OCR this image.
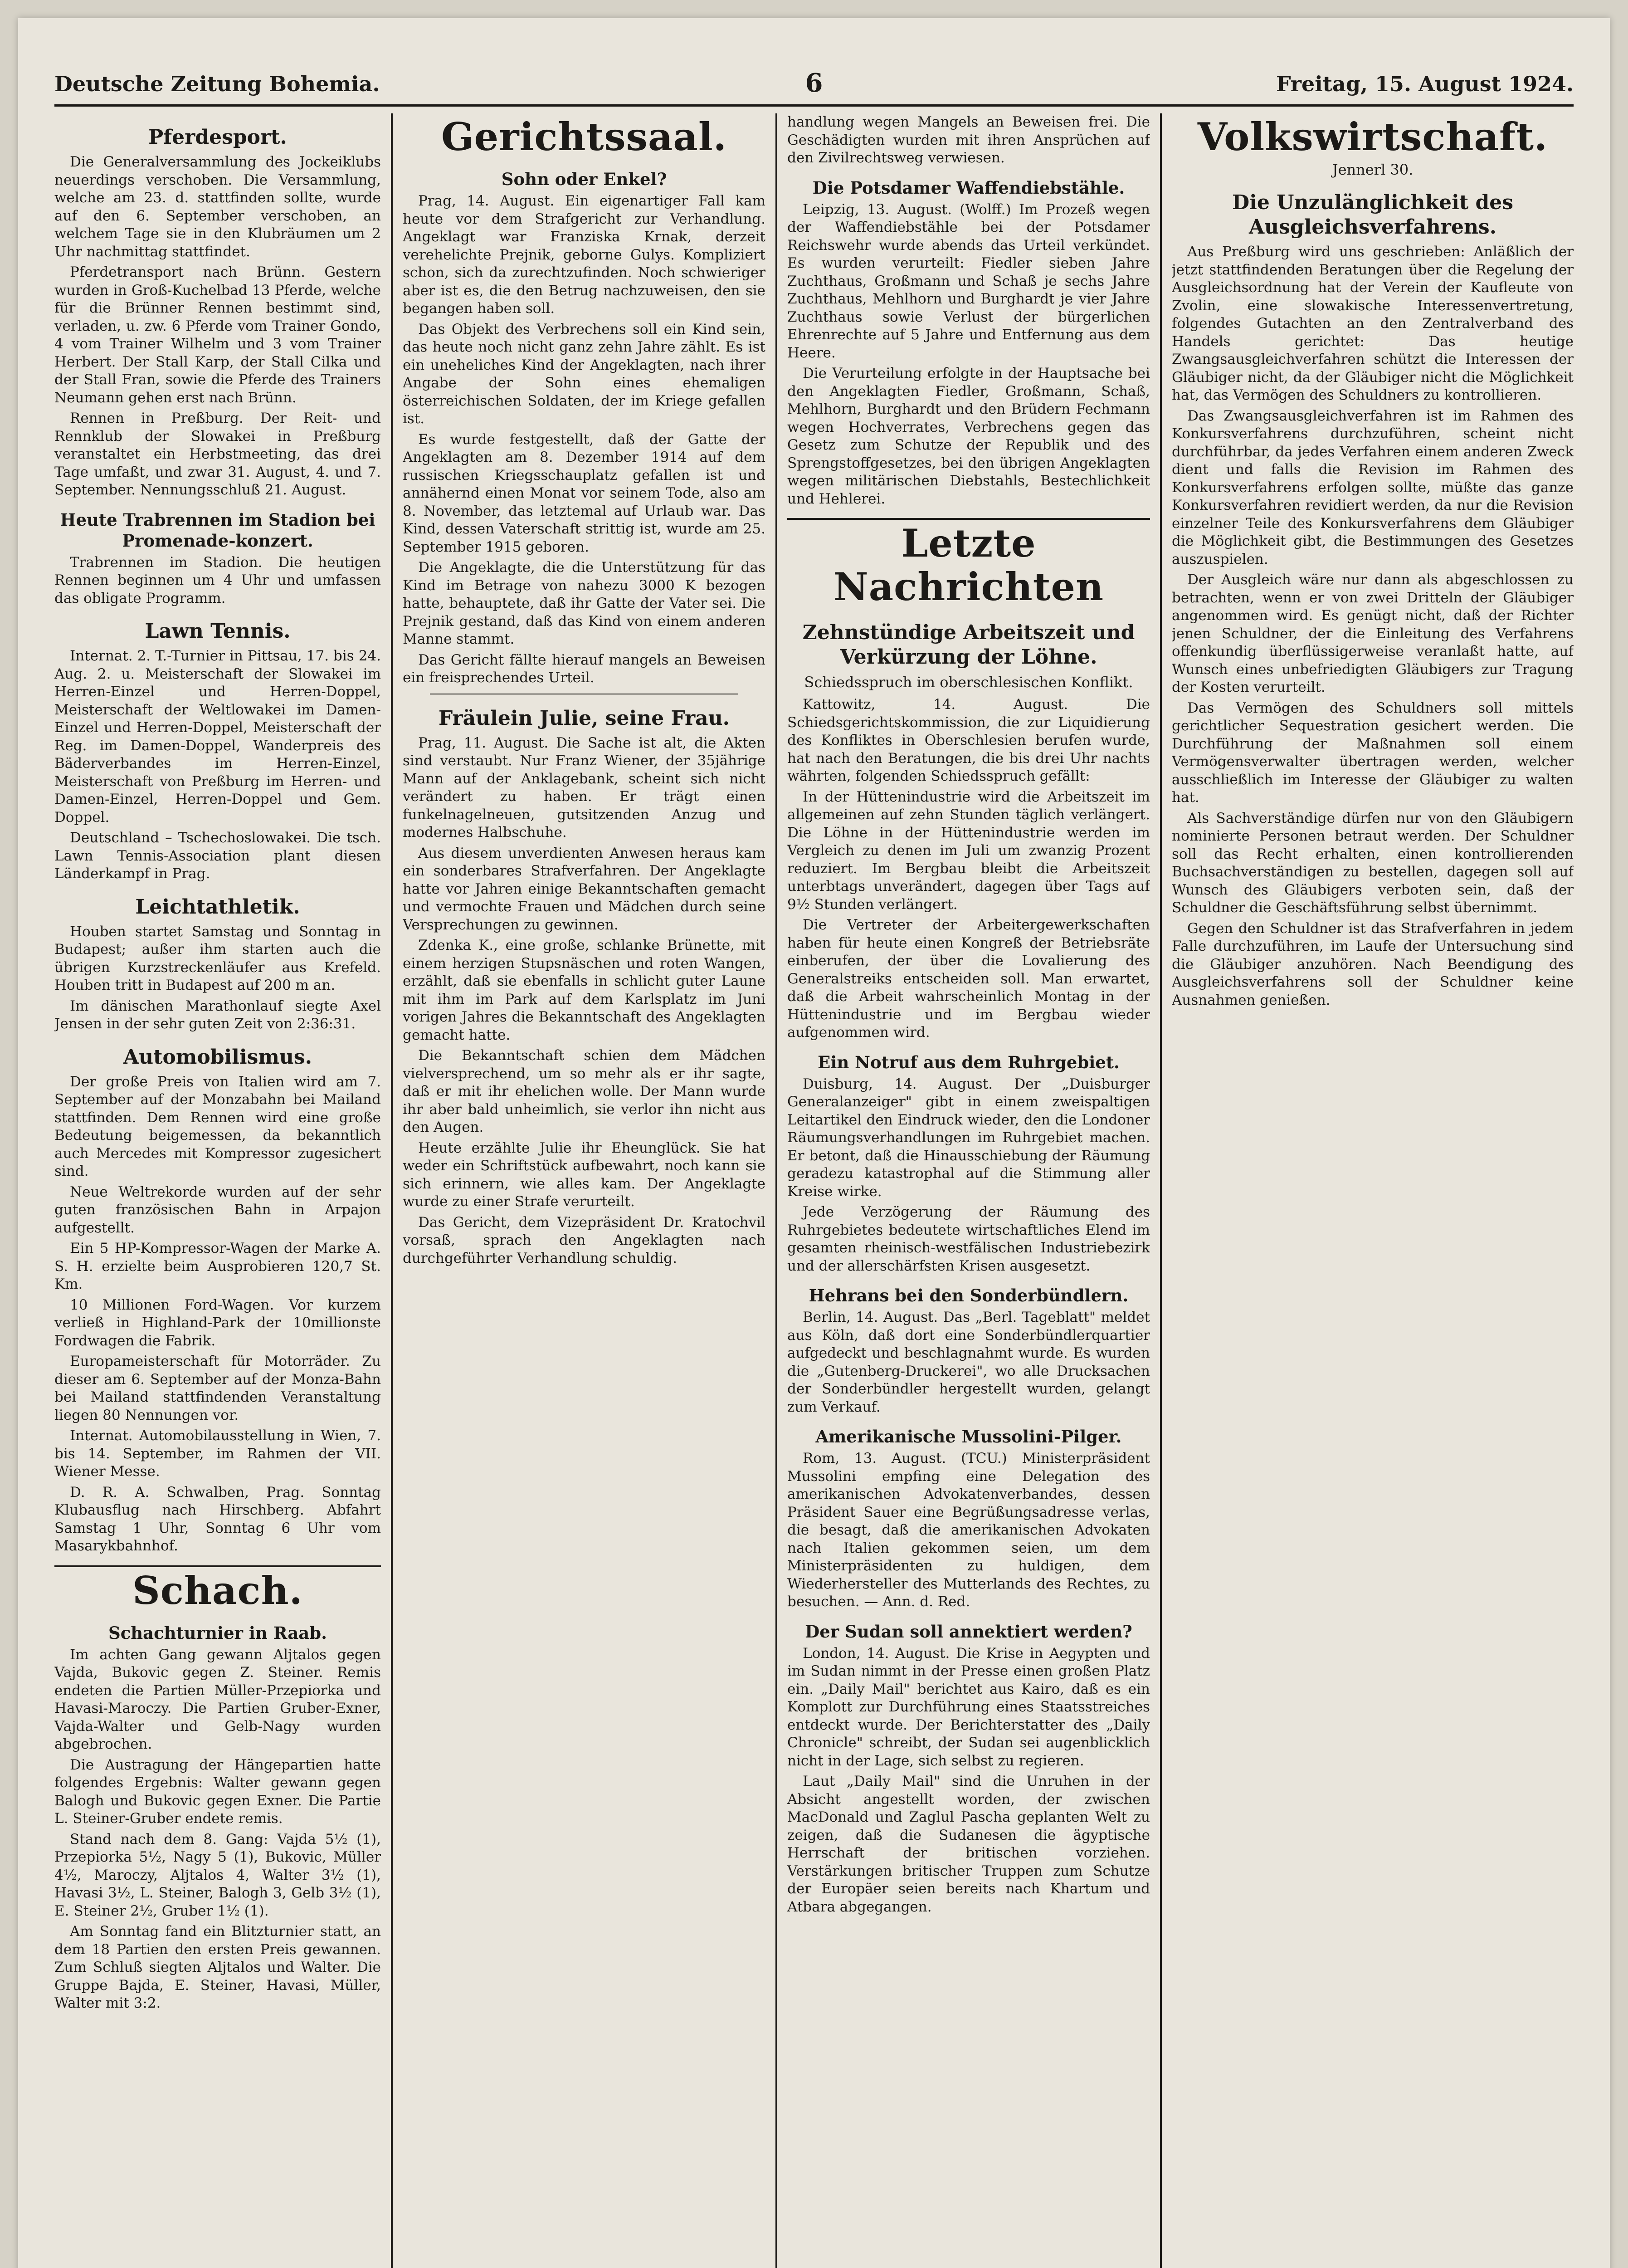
Deutsche Zeitung Bohemia.	6	Freitag, 15. August 1924.
Pferdesport.

Die Generalversammlung des Jockeiklubs neuerdings verschoben. Die Versammlung, welche am 23. d. stattfinden sollte, wurde auf den 6. September verschoben, an welchem Tage sie in den Klubräumen um 2 Uhr nachmittag stattfindet.

Pferdetransport nach Brünn. Gestern wurden in Groß-Kuchelbad 13 Pferde, welche für die Brünner Rennen bestimmt sind, verladen, u. zw. 6 Pferde vom Trainer Gondo, 4 vom Trainer Wilhelm und 3 vom Trainer Herbert. Der Stall Karp, der Stall Cilka und der Stall Fran, sowie die Pferde des Trainers Neumann gehen erst nach Brünn.

Rennen in Preßburg. Der Reit- und Rennklub der Slowakei in Preßburg veranstaltet ein Herbstmeeting, das drei Tage umfaßt, und zwar 31. August, 4. und 7. September. Nennungsschluß 21. August.

Heute Trabrennen im Stadion bei Promenade-konzert.

Trabrennen im Stadion. Die heutigen Rennen beginnen um 4 Uhr und umfassen das obligate Programm.

Lawn Tennis.

Internat. 2. T.-Turnier in Pittsau, 17. bis 24. Aug. 2. u. Meisterschaft der Slowakei im Herren-Einzel und Herren-Doppel, Meisterschaft der Weltlowakei im Damen-Einzel und Herren-Doppel, Meisterschaft der Reg. im Damen-Doppel, Wanderpreis des Bäderverbandes im Herren-Einzel, Meisterschaft von Preßburg im Herren- und Damen-Einzel, Herren-Doppel und Gem. Doppel.

Deutschland – Tschechoslowakei. Die tsch. Lawn Tennis-Association plant diesen Länderkampf in Prag.

Leichtathletik.

Houben startet Samstag und Sonntag in Budapest; außer ihm starten auch die übrigen Kurzstreckenläufer aus Krefeld. Houben tritt in Budapest auf 200 m an.

Im dänischen Marathonlauf siegte Axel Jensen in der sehr guten Zeit von 2:36:31.

Automobilismus.

Der große Preis von Italien wird am 7. September auf der Monzabahn bei Mailand stattfinden. Dem Rennen wird eine große Bedeutung beigemessen, da bekanntlich auch Mercedes mit Kompressor zugesichert sind.

Neue Weltrekorde wurden auf der sehr guten französischen Bahn in Arpajon aufgestellt.

Ein 5 HP-Kompressor-Wagen der Marke A. S. H. erzielte beim Ausprobieren 120,7 St. Km.

10 Millionen Ford-Wagen. Vor kurzem verließ in Highland-Park der 10millionste Fordwagen die Fabrik.

Europameisterschaft für Motorräder. Zu dieser am 6. September auf der Monza-Bahn bei Mailand stattfindenden Veranstaltung liegen 80 Nennungen vor.

Internat. Automobilausstellung in Wien, 7. bis 14. September, im Rahmen der VII. Wiener Messe.

D. R. A. Schwalben, Prag. Sonntag Klubausflug nach Hirschberg. Abfahrt Samstag 1 Uhr, Sonntag 6 Uhr vom Masarykbahnhof.

Schach.
Schachturnier in Raab.

Im achten Gang gewann Aljtalos gegen Vajda, Bukovic gegen Z. Steiner. Remis endeten die Partien Müller-Przepiorka und Havasi-Maroczy. Die Partien Gruber-Exner, Vajda-Walter und Gelb-Nagy wurden abgebrochen.

Die Austragung der Hängepartien hatte folgendes Ergebnis: Walter gewann gegen Balogh und Bukovic gegen Exner. Die Partie L. Steiner-Gruber endete remis.

Stand nach dem 8. Gang: Vajda 5½ (1), Przepiorka 5½, Nagy 5 (1), Bukovic, Müller 4½, Maroczy, Aljtalos 4, Walter 3½ (1), Havasi 3½, L. Steiner, Balogh 3, Gelb 3½ (1), E. Steiner 2½, Gruber 1½ (1).

Am Sonntag fand ein Blitzturnier statt, an dem 18 Partien den ersten Preis gewannen. Zum Schluß siegten Aljtalos und Walter. Die Gruppe Bajda, E. Steiner, Havasi, Müller, Walter mit 3:2.

Gerichtssaal.
Sohn oder Enkel?

Prag, 14. August. Ein eigenartiger Fall kam heute vor dem Strafgericht zur Verhandlung. Angeklagt war Franziska Krnak, derzeit verehelichte Prejnik, geborne Gulys. Kompliziert schon, sich da zurechtzufinden. Noch schwieriger aber ist es, die den Betrug nachzuweisen, den sie begangen haben soll.

Das Objekt des Verbrechens soll ein Kind sein, das heute noch nicht ganz zehn Jahre zählt. Es ist ein uneheliches Kind der Angeklagten, nach ihrer Angabe der Sohn eines ehemaligen österreichischen Soldaten, der im Kriege gefallen ist.

Es wurde festgestellt, daß der Gatte der Angeklagten am 8. Dezember 1914 auf dem russischen Kriegsschauplatz gefallen ist und annähernd einen Monat vor seinem Tode, also am 8. November, das letztemal auf Urlaub war. Das Kind, dessen Vaterschaft strittig ist, wurde am 25. September 1915 geboren.

Die Angeklagte, die die Unterstützung für das Kind im Betrage von nahezu 3000 K bezogen hatte, behauptete, daß ihr Gatte der Vater sei. Die Prejnik gestand, daß das Kind von einem anderen Manne stammt.

Das Gericht fällte hierauf mangels an Beweisen ein freisprechendes Urteil.

Fräulein Julie, seine Frau.

Prag, 11. August. Die Sache ist alt, die Akten sind verstaubt. Nur Franz Wiener, der 35jährige Mann auf der Anklagebank, scheint sich nicht verändert zu haben. Er trägt einen funkelnagelneuen, gutsitzenden Anzug und modernes Halbschuhe.

Aus diesem unverdienten Anwesen heraus kam ein sonderbares Strafverfahren. Der Angeklagte hatte vor Jahren einige Bekanntschaften gemacht und vermochte Frauen und Mädchen durch seine Versprechungen zu gewinnen.

Zdenka K., eine große, schlanke Brünette, mit einem herzigen Stupsnäschen und roten Wangen, erzählt, daß sie ebenfalls in schlicht guter Laune mit ihm im Park auf dem Karlsplatz im Juni vorigen Jahres die Bekanntschaft des Angeklagten gemacht hatte.

Die Bekanntschaft schien dem Mädchen vielversprechend, um so mehr als er ihr sagte, daß er mit ihr ehelichen wolle. Der Mann wurde ihr aber bald unheimlich, sie verlor ihn nicht aus den Augen.

Heute erzählte Julie ihr Eheunglück. Sie hat weder ein Schriftstück aufbewahrt, noch kann sie sich erinnern, wie alles kam. Der Angeklagte wurde zu einer Strafe verurteilt.

Das Gericht, dem Vizepräsident Dr. Kratochvil vorsaß, sprach den Angeklagten nach durchgeführter Verhandlung schuldig.

handlung wegen Mangels an Beweisen frei. Die Geschädigten wurden mit ihren Ansprüchen auf den Zivilrechtsweg verwiesen.

Die Potsdamer Waffendiebstähle.

Leipzig, 13. August. (Wolff.) Im Prozeß wegen der Waffendiebstähle bei der Potsdamer Reichswehr wurde abends das Urteil verkündet. Es wurden verurteilt: Fiedler sieben Jahre Zuchthaus, Großmann und Schaß je sechs Jahre Zuchthaus, Mehlhorn und Burghardt je vier Jahre Zuchthaus sowie Verlust der bürgerlichen Ehrenrechte auf 5 Jahre und Entfernung aus dem Heere.

Die Verurteilung erfolgte in der Hauptsache bei den Angeklagten Fiedler, Großmann, Schaß, Mehlhorn, Burghardt und den Brüdern Fechmann wegen Hochverrates, Verbrechens gegen das Gesetz zum Schutze der Republik und des Sprengstoffgesetzes, bei den übrigen Angeklagten wegen militärischen Diebstahls, Bestechlichkeit und Hehlerei.

Letzte Nachrichten
Zehnstündige Arbeitszeit und Verkürzung der Löhne.
Schiedsspruch im oberschlesischen Konflikt.

Kattowitz, 14. August. Die Schiedsgerichtskommission, die zur Liquidierung des Konfliktes in Oberschlesien berufen wurde, hat nach den Beratungen, die bis drei Uhr nachts währten, folgenden Schiedsspruch gefällt:

In der Hüttenindustrie wird die Arbeitszeit im allgemeinen auf zehn Stunden täglich verlängert. Die Löhne in der Hüttenindustrie werden im Vergleich zu denen im Juli um zwanzig Prozent reduziert. Im Bergbau bleibt die Arbeitszeit unterbtags unverändert, dagegen über Tags auf 9½ Stunden verlängert.

Die Vertreter der Arbeitergewerkschaften haben für heute einen Kongreß der Betriebsräte einberufen, der über die Lovalierung des Generalstreiks entscheiden soll. Man erwartet, daß die Arbeit wahrscheinlich Montag in der Hüttenindustrie und im Bergbau wieder aufgenommen wird.

Ein Notruf aus dem Ruhrgebiet.

Duisburg, 14. August. Der „Duisburger Generalanzeiger" gibt in einem zweispaltigen Leitartikel den Eindruck wieder, den die Londoner Räumungsverhandlungen im Ruhrgebiet machen. Er betont, daß die Hinausschiebung der Räumung geradezu katastrophal auf die Stimmung aller Kreise wirke.

Jede Verzögerung der Räumung des Ruhrgebietes bedeutete wirtschaftliches Elend im gesamten rheinisch-westfälischen Industriebezirk und der allerschärfsten Krisen ausgesetzt.

Hehrans bei den Sonderbündlern.

Berlin, 14. August. Das „Berl. Tageblatt" meldet aus Köln, daß dort eine Sonderbündlerquartier aufgedeckt und beschlagnahmt wurde. Es wurden die „Gutenberg-Druckerei", wo alle Drucksachen der Sonderbündler hergestellt wurden, gelangt zum Verkauf.

Amerikanische Mussolini-Pilger.

Rom, 13. August. (TCU.) Ministerpräsident Mussolini empfing eine Delegation des amerikanischen Advokatenverbandes, dessen Präsident Sauer eine Begrüßungsadresse verlas, die besagt, daß die amerikanischen Advokaten nach Italien gekommen seien, um dem Ministerpräsidenten zu huldigen, dem Wiederhersteller des Mutterlands des Rechtes, zu besuchen. — Ann. d. Red.

Der Sudan soll annektiert werden?

London, 14. August. Die Krise in Aegypten und im Sudan nimmt in der Presse einen großen Platz ein. „Daily Mail" berichtet aus Kairo, daß es ein Komplott zur Durchführung eines Staatsstreiches entdeckt wurde. Der Berichterstatter des „Daily Chronicle" schreibt, der Sudan sei augenblicklich nicht in der Lage, sich selbst zu regieren.

Laut „Daily Mail" sind die Unruhen in der Absicht angestellt worden, der zwischen MacDonald und Zaglul Pascha geplanten Welt zu zeigen, daß die Sudanesen die ägyptische Herrschaft der britischen vorziehen. Verstärkungen britischer Truppen zum Schutze der Europäer seien bereits nach Khartum und Atbara abgegangen.

Volkswirtschaft.
Jennerl 30.
Die Unzulänglichkeit des Ausgleichsverfahrens.

Aus Preßburg wird uns geschrieben: Anläßlich der jetzt stattfindenden Beratungen über die Regelung der Ausgleichsordnung hat der Verein der Kaufleute von Zvolin, eine slowakische Interessenvertretung, folgendes Gutachten an den Zentralverband des Handels gerichtet: Das heutige Zwangsausgleichverfahren schützt die Interessen der Gläubiger nicht, da der Gläubiger nicht die Möglichkeit hat, das Vermögen des Schuldners zu kontrollieren.

Das Zwangsausgleichverfahren ist im Rahmen des Konkursverfahrens durchzuführen, scheint nicht durchführbar, da jedes Verfahren einem anderen Zweck dient und falls die Revision im Rahmen des Konkursverfahrens erfolgen sollte, müßte das ganze Konkursverfahren revidiert werden, da nur die Revision einzelner Teile des Konkursverfahrens dem Gläubiger die Möglichkeit gibt, die Bestimmungen des Gesetzes auszuspielen.

Der Ausgleich wäre nur dann als abgeschlossen zu betrachten, wenn er von zwei Dritteln der Gläubiger angenommen wird. Es genügt nicht, daß der Richter jenen Schuldner, der die Einleitung des Verfahrens offenkundig überflüssigerweise veranlaßt hatte, auf Wunsch eines unbefriedigten Gläubigers zur Tragung der Kosten verurteilt.

Das Vermögen des Schuldners soll mittels gerichtlicher Sequestration gesichert werden. Die Durchführung der Maßnahmen soll einem Vermögensverwalter übertragen werden, welcher ausschließlich im Interesse der Gläubiger zu walten hat.

Als Sachverständige dürfen nur von den Gläubigern nominierte Personen betraut werden. Der Schuldner soll das Recht erhalten, einen kontrollierenden Buchsachverständigen zu bestellen, dagegen soll auf Wunsch des Gläubigers verboten sein, daß der Schuldner die Geschäftsführung selbst übernimmt.

Gegen den Schuldner ist das Strafverfahren in jedem Falle durchzuführen, im Laufe der Untersuchung sind die Gläubiger anzuhören. Nach Beendigung des Ausgleichsverfahrens soll der Schuldner keine Ausnahmen genießen.
